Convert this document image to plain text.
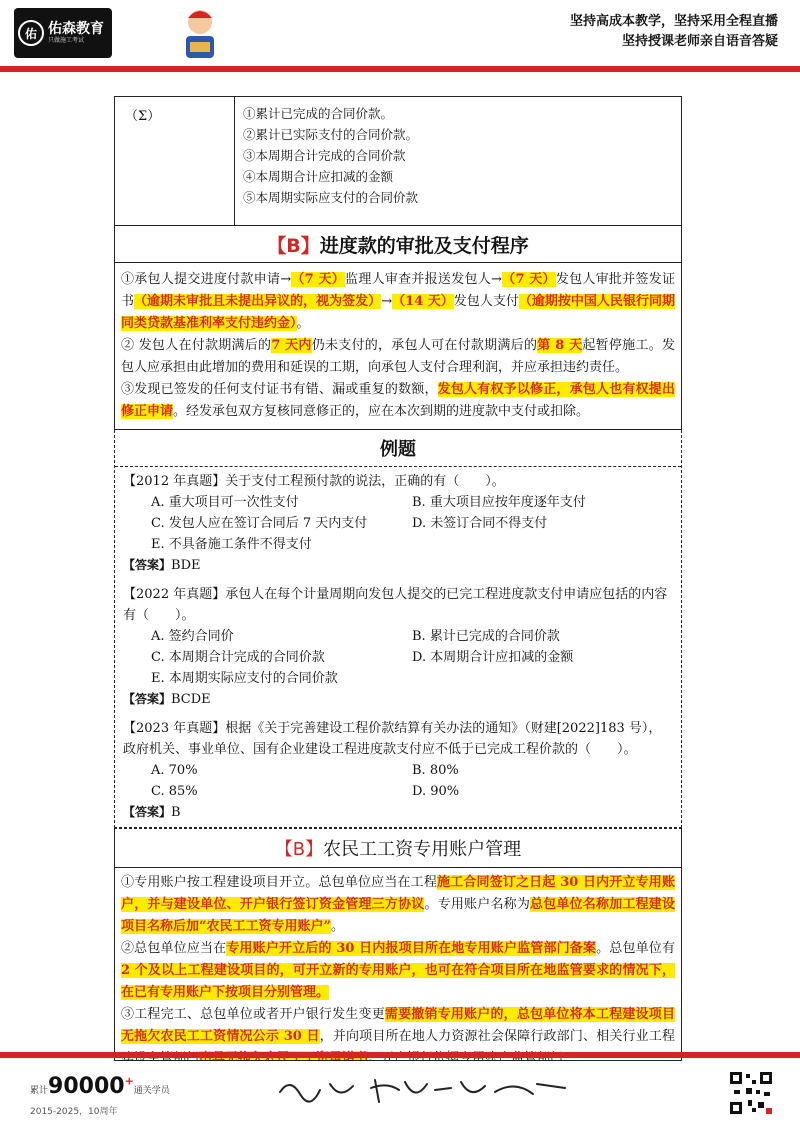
佑 佑森教育
只做施工考试
坚持高成本教学，坚持采用全程直播
坚持授课老师亲自语音答疑
（Σ）	①累计已完成的合同价款。
②累计已实际支付的合同价款。
③本周期合计完成的合同价款
④本周期合计应扣减的金额
⑤本周期实际应支付的合同价款
【B】 进度款的审批及支付程序
①承包人提交进度付款申请→（7 天）监理人审查并报送发包人→（7 天）发包人审批并签发证书（逾期未审批且未提出异议的，视为签发）→（14 天）发包人支付（逾期按中国人民银行同期同类贷款基准利率支付违约金）。
② 发包人在付款期满后的7 天内仍未支付的，承包人可在付款期满后的第 8 天起暂停施工。发包人应承担由此增加的费用和延误的工期，向承包人支付合理利润，并应承担违约责任。
③发现已签发的任何支付证书有错、漏或重复的数额，发包人有权予以修正，承包人也有权提出修正申请。经发承包双方复核同意修正的，应在本次到期的进度款中支付或扣除。
例题

【2012 年真题】关于支付工程预付款的说法，正确的有（　　）。

A. 重大项目可一次性支付	B. 重大项目应按年度逐年支付
C. 发包人应在签订合同后 7 天内支付	D. 未签订合同不得支付
E. 不具备施工条件不得支付

【答案】BDE

【2022 年真题】承包人在每个计量周期向发包人提交的已完工程进度款支付申请应包括的内容有（　　）。

A. 签约合同价	B. 累计已完成的合同价款
C. 本周期合计完成的合同价款	D. 本周期合计应扣减的金额
E. 本周期实际应支付的合同价款

【答案】BCDE

【2023 年真题】根据《关于完善建设工程价款结算有关办法的通知》（财建[2022]183 号），政府机关、事业单位、国有企业建设工程进度款支付应不低于已完成工程价款的（　　）。

A. 70%	B. 80%
C. 85%	D. 90%

【答案】B

【B】 农民工工资专用账户管理
①专用账户按工程建设项目开立。总包单位应当在工程施工合同签订之日起 30 日内开立专用账户，并与建设单位、开户银行签订资金管理三方协议。专用账户名称为总包单位名称加工程建设项目名称后加“农民工工资专用账户”。
②总包单位应当在专用账户开立后的 30 日内报项目所在地专用账户监管部门备案。总包单位有2 个及以上工程建设项目的，可开立新的专用账户，也可在符合项目所在地监管要求的情况下，在已有专用账户下按项目分别管理。
③工程完工、总包单位或者开户银行发生变更需要撤销专用账户的，总包单位将本工程建设项目无拖欠农民工工资情况公示 30 日，并向项目所在地人力资源社会保障行政部门、相关行业工程
累计90000+通关学员
2015-2025，10周年
